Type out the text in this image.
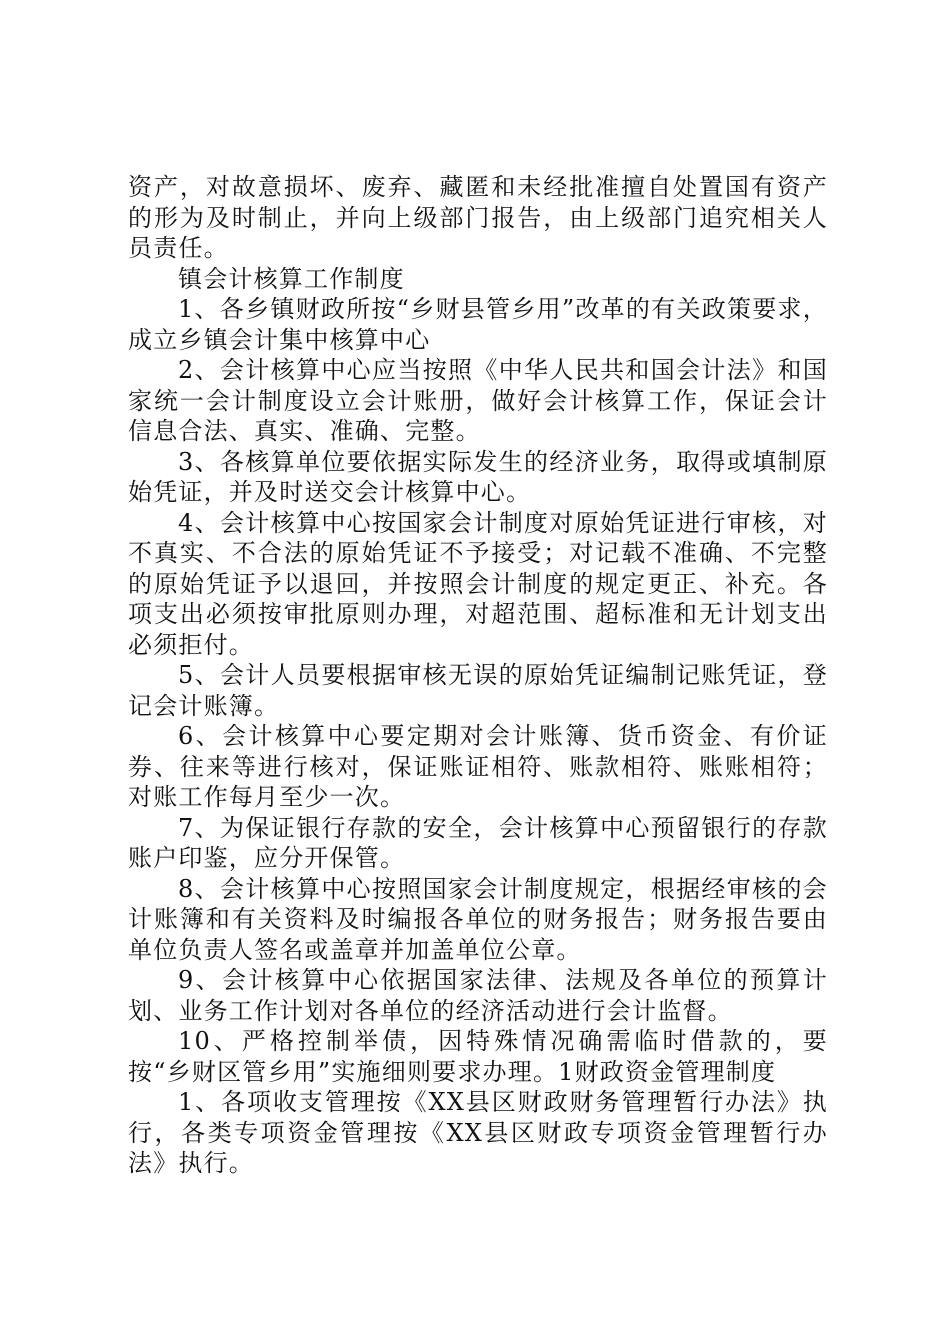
资产，对故意损坏、废弃、藏匿和未经批准擅自处置国有资产的形为及时制止，并向上级部门报告，由上级部门追究相关人员责任。

镇会计核算工作制度

1、各乡镇财政所按“乡财县管乡用”改革的有关政策要求，成立乡镇会计集中核算中心

2、会计核算中心应当按照《中华人民共和国会计法》和国家统一会计制度设立会计账册，做好会计核算工作，保证会计信息合法、真实、准确、完整。

3、各核算单位要依据实际发生的经济业务，取得或填制原始凭证，并及时送交会计核算中心。

4、会计核算中心按国家会计制度对原始凭证进行审核，对不真实、不合法的原始凭证不予接受；对记载不准确、不完整的原始凭证予以退回，并按照会计制度的规定更正、补充。各项支出必须按审批原则办理，对超范围、超标准和无计划支出必须拒付。

5、会计人员要根据审核无误的原始凭证编制记账凭证，登记会计账簿。

6、会计核算中心要定期对会计账簿、货币资金、有价证券、往来等进行核对，保证账证相符、账款相符、账账相符；对账工作每月至少一次。

7、为保证银行存款的安全，会计核算中心预留银行的存款账户印鉴，应分开保管。

8、会计核算中心按照国家会计制度规定，根据经审核的会计账簿和有关资料及时编报各单位的财务报告；财务报告要由单位负责人签名或盖章并加盖单位公章。

9、会计核算中心依据国家法律、法规及各单位的预算计划、业务工作计划对各单位的经济活动进行会计监督。

10、严格控制举债，因特殊情况确需临时借款的，要按“乡财区管乡用”实施细则要求办理。1财政资金管理制度

1、各项收支管理按《XX县区财政财务管理暂行办法》执行，各类专项资金管理按《XX县区财政专项资金管理暂行办法》执行。
